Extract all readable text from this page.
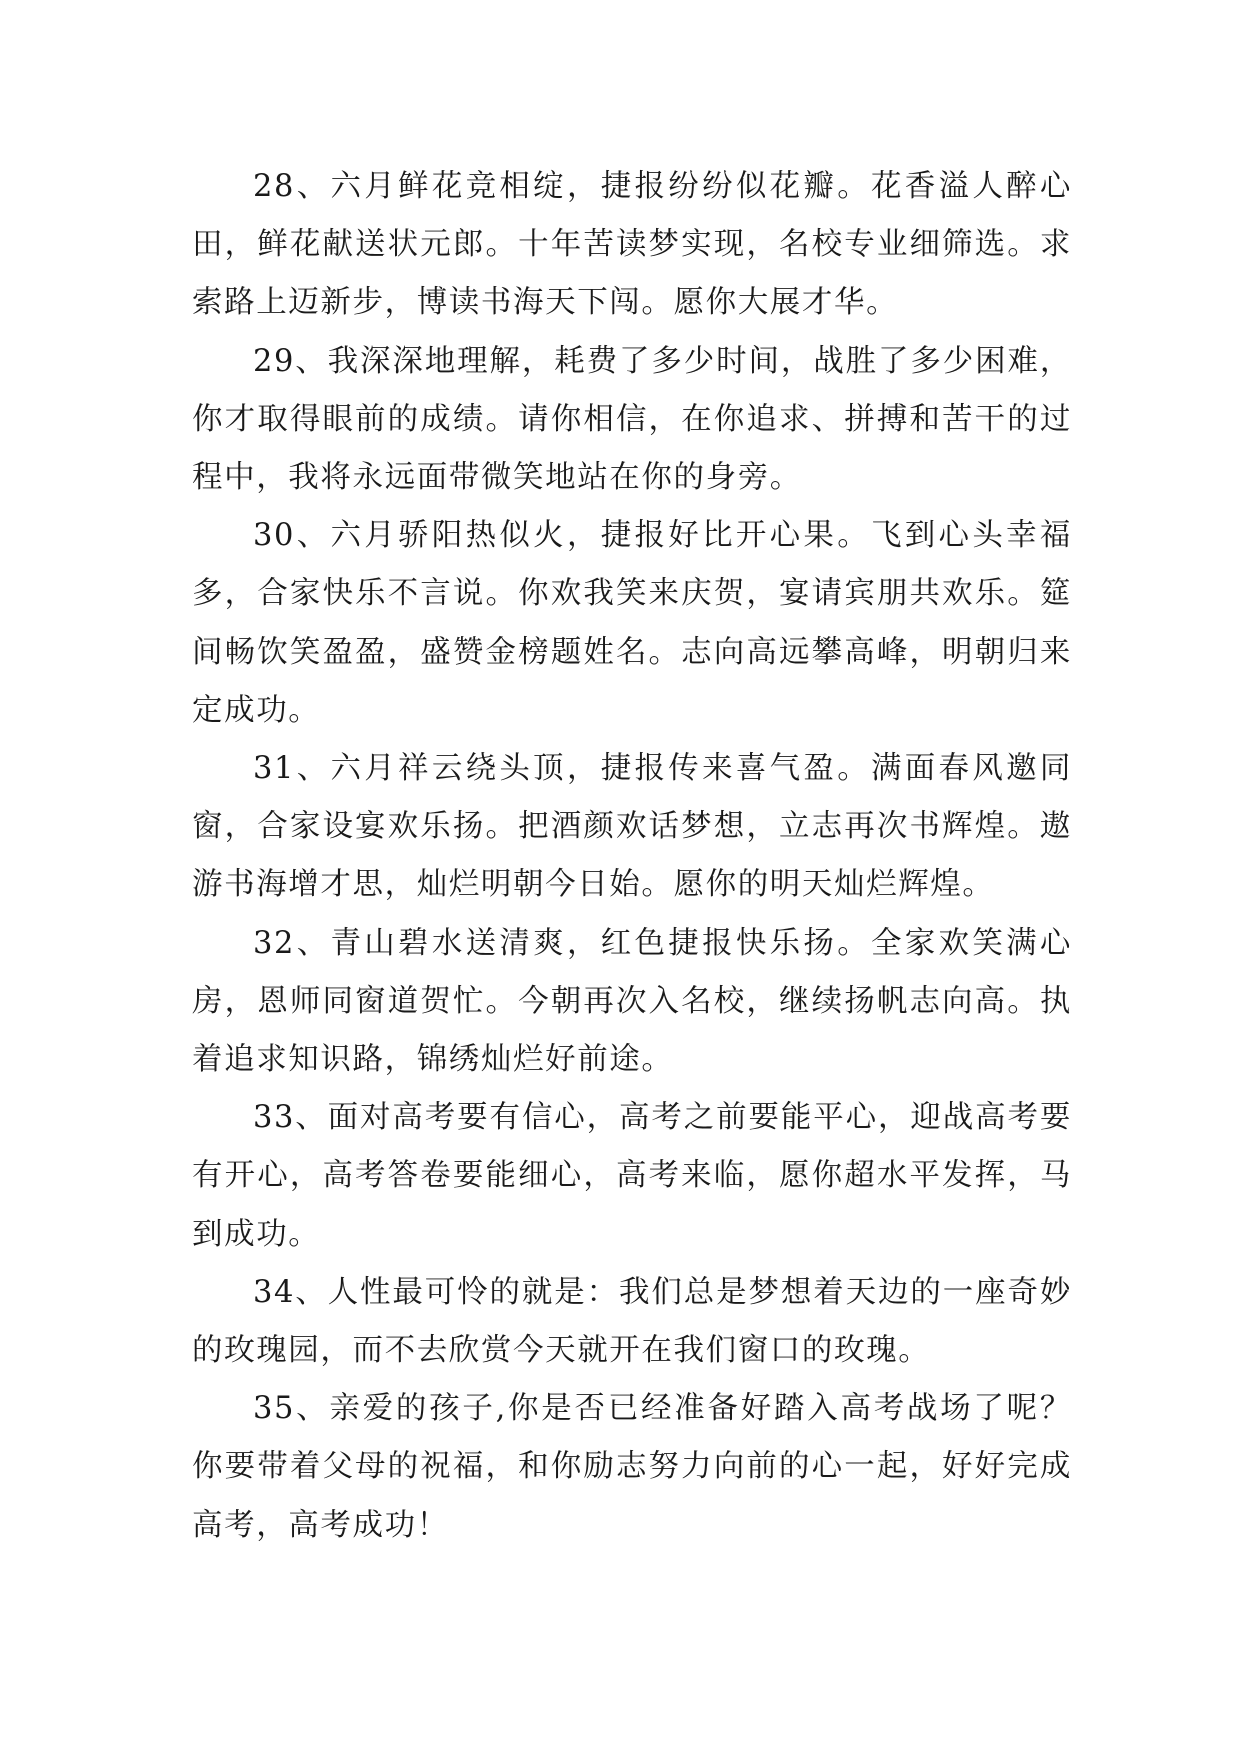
28、六月鲜花竞相绽，捷报纷纷似花瓣。花香溢人醉心田，鲜花献送状元郎。十年苦读梦实现，名校专业细筛选。求索路上迈新步，博读书海天下闯。愿你大展才华。

29、我深深地理解，耗费了多少时间，战胜了多少困难，你才取得眼前的成绩。请你相信，在你追求、拼搏和苦干的过程中，我将永远面带微笑地站在你的身旁。

30、六月骄阳热似火，捷报好比开心果。飞到心头幸福多，合家快乐不言说。你欢我笑来庆贺，宴请宾朋共欢乐。筵间畅饮笑盈盈，盛赞金榜题姓名。志向高远攀高峰，明朝归来定成功。

31、六月祥云绕头顶，捷报传来喜气盈。满面春风邀同窗，合家设宴欢乐扬。把酒颜欢话梦想，立志再次书辉煌。遨游书海增才思，灿烂明朝今日始。愿你的明天灿烂辉煌。

32、青山碧水送清爽，红色捷报快乐扬。全家欢笑满心房，恩师同窗道贺忙。今朝再次入名校，继续扬帆志向高。执着追求知识路，锦绣灿烂好前途。

33、面对高考要有信心，高考之前要能平心，迎战高考要有开心，高考答卷要能细心，高考来临，愿你超水平发挥，马到成功。

34、人性最可怜的就是：我们总是梦想着天边的一座奇妙的玫瑰园，而不去欣赏今天就开在我们窗口的玫瑰。

35、亲爱的孩子,你是否已经准备好踏入高考战场了呢？你要带着父母的祝福，和你励志努力向前的心一起，好好完成高考，高考成功！
